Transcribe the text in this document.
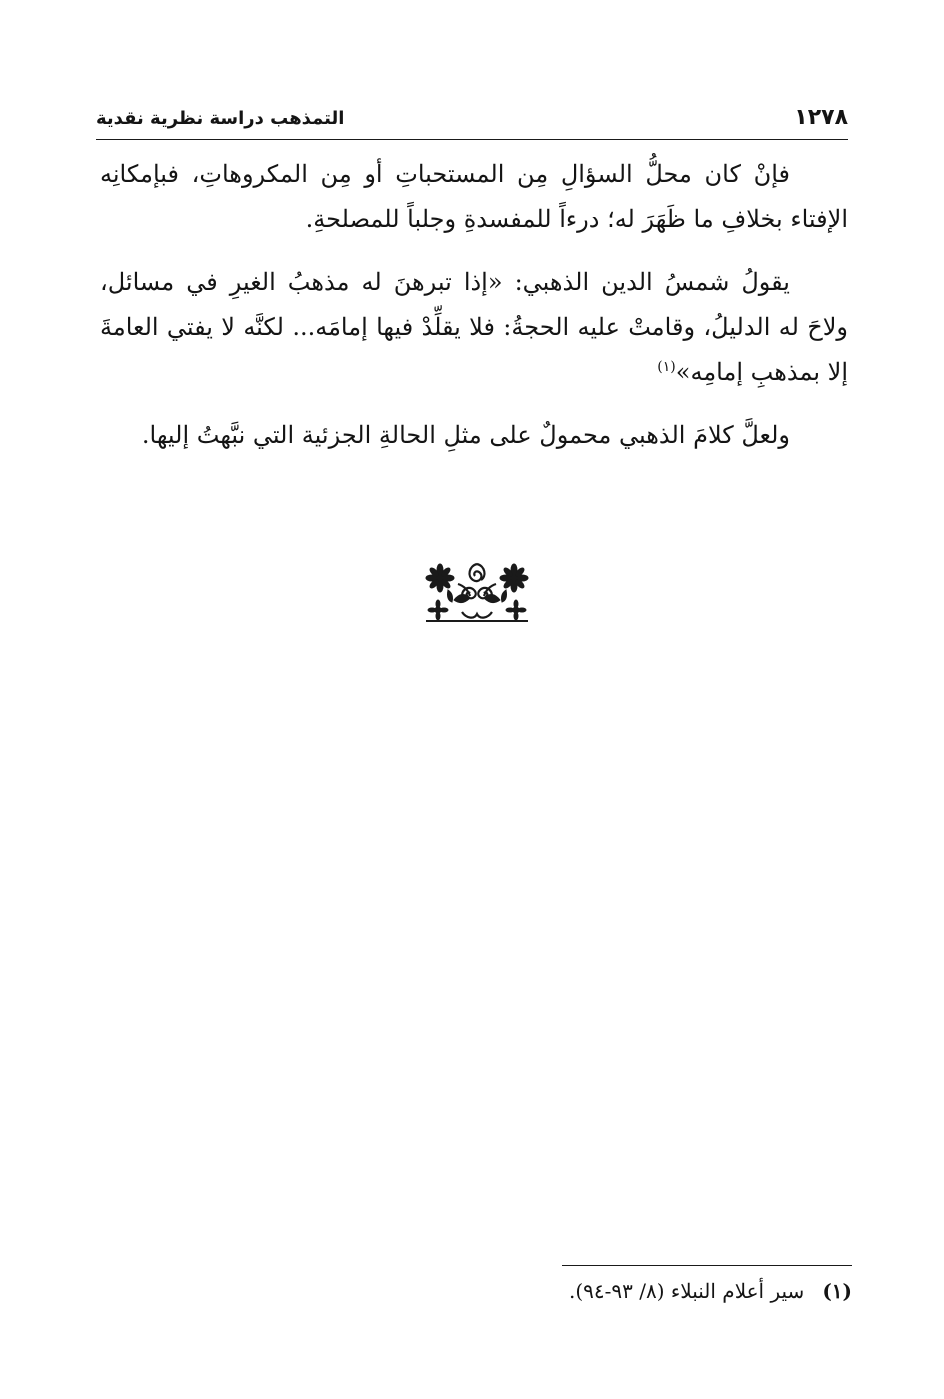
١٢٧٨
التمذهب دراسة نظرية نقدية

فإنْ كان محلُّ السؤالِ مِن المستحباتِ أو مِن المكروهاتِ، فبإمكانِه الإفتاء بخلافِ ما ظَهَرَ له؛ درءاً للمفسدةِ وجلباً للمصلحةِ.

يقولُ شمسُ الدين الذهبي: «إذا تبرهنَ له مذهبُ الغيرِ في مسائل، ولاحَ له الدليلُ، وقامتْ عليه الحجةُ: فلا يقلِّدْ فيها إمامَه... لكنَّه لا يفتي العامةَ إلا بمذهبِ إمامِه»$^{(١)}$

ولعلَّ كلامَ الذهبي محمولٌ على مثلِ الحالةِ الجزئية التي نبَّهتُ إليها.

(١)سير أعلام النبلاء (٨/ ٩٣-٩٤).
